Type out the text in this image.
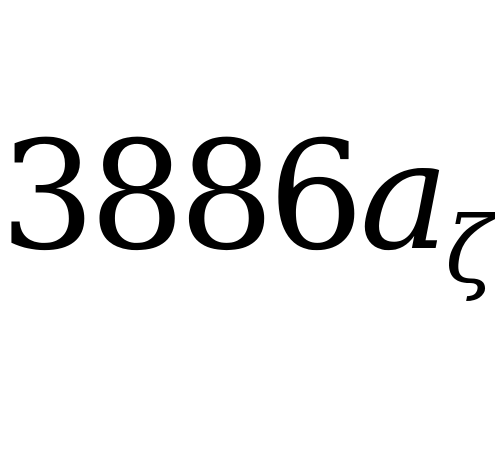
3886aζ
